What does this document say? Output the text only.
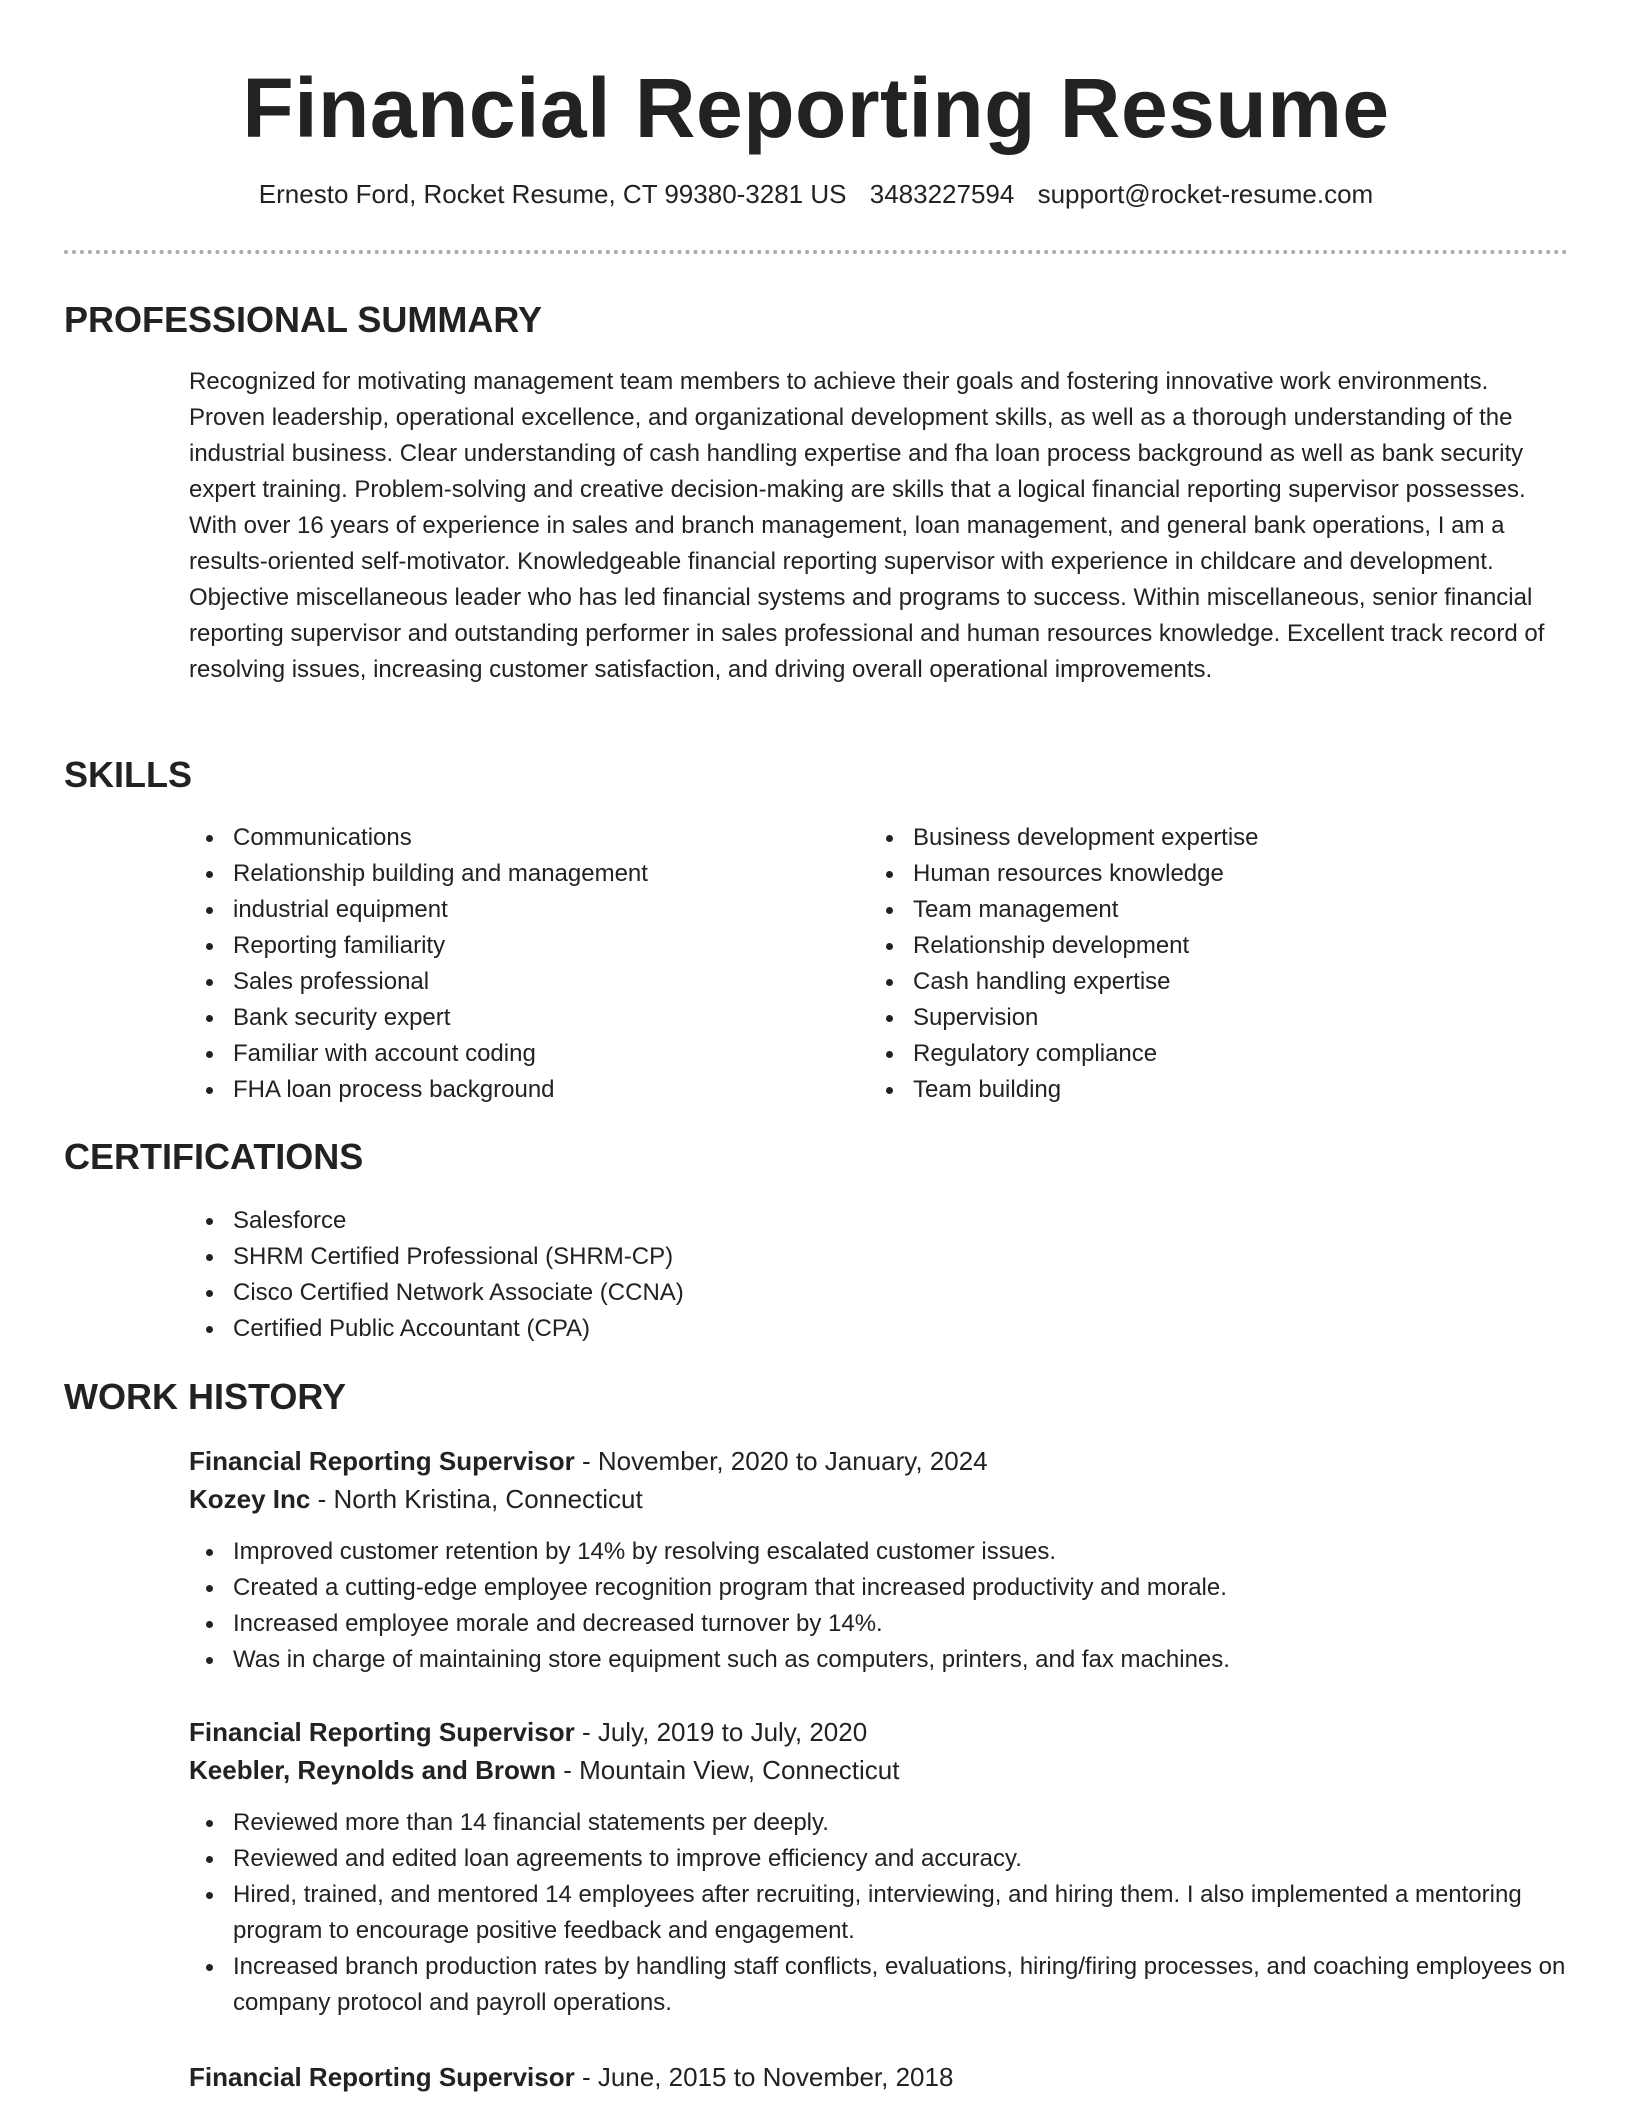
Financial Reporting Resume
Ernesto Ford, Rocket Resume, CT 99380-3281 US 3483227594 support@rocket-resume.com
PROFESSIONAL SUMMARY

Recognized for motivating management team members to achieve their goals and fostering innovative work environments. Proven leadership, operational excellence, and organizational development skills, as well as a thorough understanding of the industrial business. Clear understanding of cash handling expertise and fha loan process background as well as bank security expert training. Problem-solving and creative decision-making are skills that a logical financial reporting supervisor possesses. With over 16 years of experience in sales and branch management, loan management, and general bank operations, I am a results-oriented self-motivator. Knowledgeable financial reporting supervisor with experience in childcare and development. Objective miscellaneous leader who has led financial systems and programs to success. Within miscellaneous, senior financial reporting supervisor and outstanding performer in sales professional and human resources knowledge. Excellent track record of resolving issues, increasing customer satisfaction, and driving overall operational improvements.

SKILLS
Communications
Relationship building and management
industrial equipment
Reporting familiarity
Sales professional
Bank security expert
Familiar with account coding
FHA loan process background
Business development expertise
Human resources knowledge
Team management
Relationship development
Cash handling expertise
Supervision
Regulatory compliance
Team building
CERTIFICATIONS
Salesforce
SHRM Certified Professional (SHRM-CP)
Cisco Certified Network Associate (CCNA)
Certified Public Accountant (CPA)
WORK HISTORY

Financial Reporting Supervisor - November, 2020 to January, 2024

Kozey Inc - North Kristina, Connecticut

Improved customer retention by 14% by resolving escalated customer issues.
Created a cutting-edge employee recognition program that increased productivity and morale.
Increased employee morale and decreased turnover by 14%.
Was in charge of maintaining store equipment such as computers, printers, and fax machines.

Financial Reporting Supervisor - July, 2019 to July, 2020

Keebler, Reynolds and Brown - Mountain View, Connecticut

Reviewed more than 14 financial statements per deeply.
Reviewed and edited loan agreements to improve efficiency and accuracy.
Hired, trained, and mentored 14 employees after recruiting, interviewing, and hiring them. I also implemented a mentoring program to encourage positive feedback and engagement.
Increased branch production rates by handling staff conflicts, evaluations, hiring/firing processes, and coaching employees on company protocol and payroll operations.

Financial Reporting Supervisor - June, 2015 to November, 2018
